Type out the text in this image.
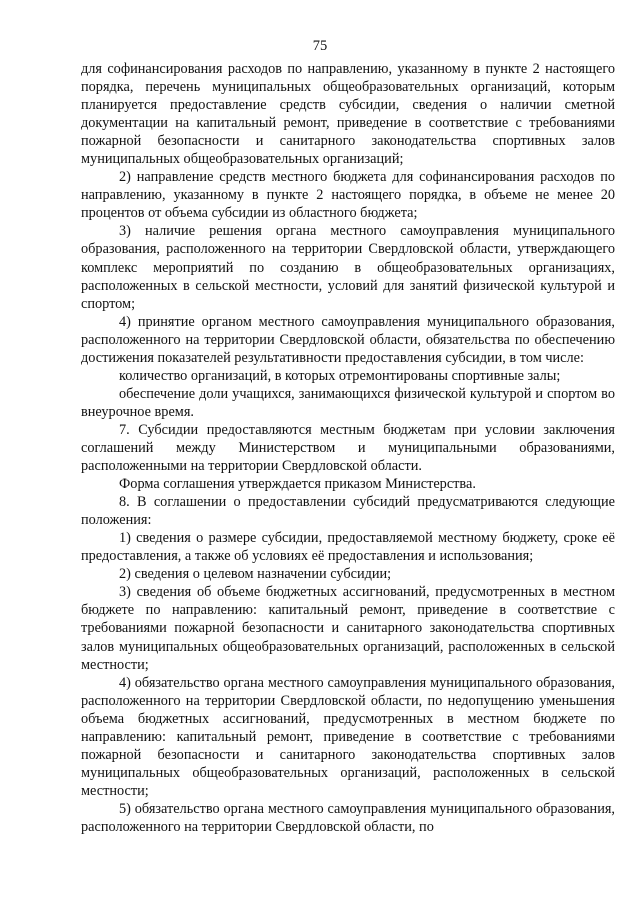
75

для софинансирования расходов по направлению, указанному в пункте 2 настоящего порядка, перечень муниципальных общеобразовательных организаций, которым планируется предоставление средств субсидии, сведения о наличии сметной документации на капитальный ремонт, приведение в соответствие с требованиями пожарной безопасности и санитарного законодательства спортивных залов муниципальных общеобразовательных организаций;

2) направление средств местного бюджета для софинансирования расходов по направлению, указанному в пункте 2 настоящего порядка, в объеме не менее 20 процентов от объема субсидии из областного бюджета;

3) наличие решения органа местного самоуправления муниципального образования, расположенного на территории Свердловской области, утверждающего комплекс мероприятий по созданию в общеобразовательных организациях, расположенных в сельской местности, условий для занятий физической культурой и спортом;

4) принятие органом местного самоуправления муниципального образования, расположенного на территории Свердловской области, обязательства по обеспечению достижения показателей результативности предоставления субсидии, в том числе:

количество организаций, в которых отремонтированы спортивные залы;

обеспечение доли учащихся, занимающихся физической культурой и спортом во внеурочное время.

7. Субсидии предоставляются местным бюджетам при условии заключения соглашений между Министерством и муниципальными образованиями, расположенными на территории Свердловской области.

Форма соглашения утверждается приказом Министерства.

8. В соглашении о предоставлении субсидий предусматриваются следующие положения:

1) сведения о размере субсидии, предоставляемой местному бюджету, сроке её предоставления, а также об условиях её предоставления и использования;

2) сведения о целевом назначении субсидии;

3) сведения об объеме бюджетных ассигнований, предусмотренных в местном бюджете по направлению: капитальный ремонт, приведение в соответствие с требованиями пожарной безопасности и санитарного законодательства спортивных залов муниципальных общеобразовательных организаций, расположенных в сельской местности;

4) обязательство органа местного самоуправления муниципального образования, расположенного на территории Свердловской области, по недопущению уменьшения объема бюджетных ассигнований, предусмотренных в местном бюджете по направлению: капитальный ремонт, приведение в соответствие с требованиями пожарной безопасности и санитарного законодательства спортивных залов муниципальных общеобразовательных организаций, расположенных в сельской местности;

5) обязательство органа местного самоуправления муниципального образования, расположенного на территории Свердловской области, по
